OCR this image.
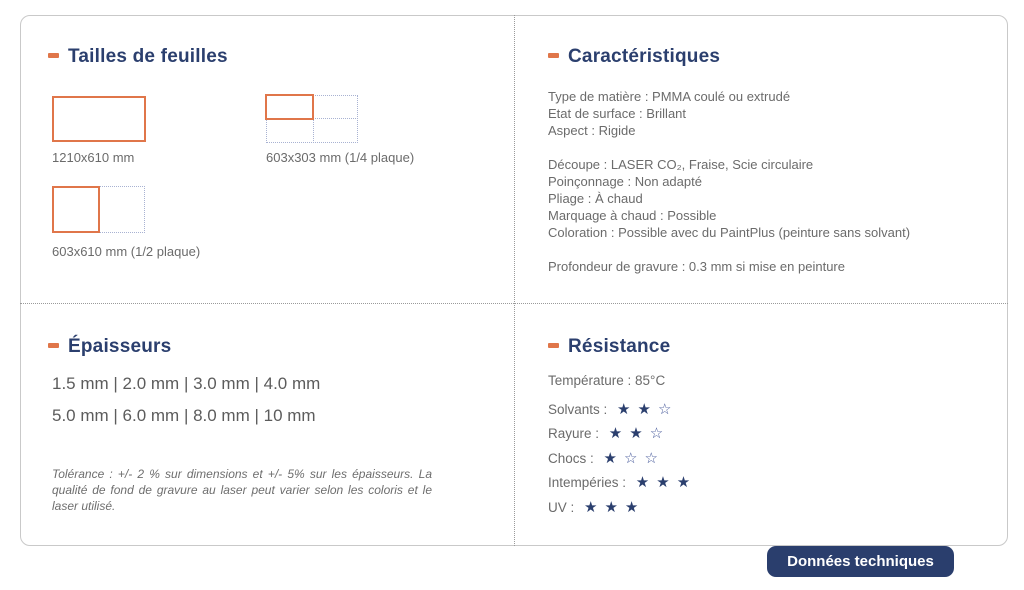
Tailles de feuilles
1210x610 mm	603x303 mm (1/4 plaque)
603x610 mm (1/2 plaque)
Caractéristiques
Type de matière : PMMA coulé ou extrudé
Etat de surface : Brillant
Aspect : Rigide

Découpe : LASER CO₂, Fraise, Scie circulaire
Poinçonnage : Non adapté
Pliage : À chaud
Marquage à chaud : Possible
Coloration : Possible avec du PaintPlus (peinture sans solvant)

Profondeur de gravure : 0.3 mm si mise en peinture
Épaisseurs
1.5 mm | 2.0 mm | 3.0 mm | 4.0 mm
5.0 mm | 6.0 mm | 8.0 mm | 10 mm
Tolérance : +/- 2 % sur dimensions et +/- 5% sur les épaisseurs. La qualité de fond de gravure au laser peut varier selon les coloris et le laser utilisé.
Résistance
Température : 85°C
Solvants : ★ ★ ☆
Rayure : ★ ★ ☆
Chocs : ★ ☆ ☆
Intempéries : ★ ★ ★
UV : ★ ★ ★
Données techniques
